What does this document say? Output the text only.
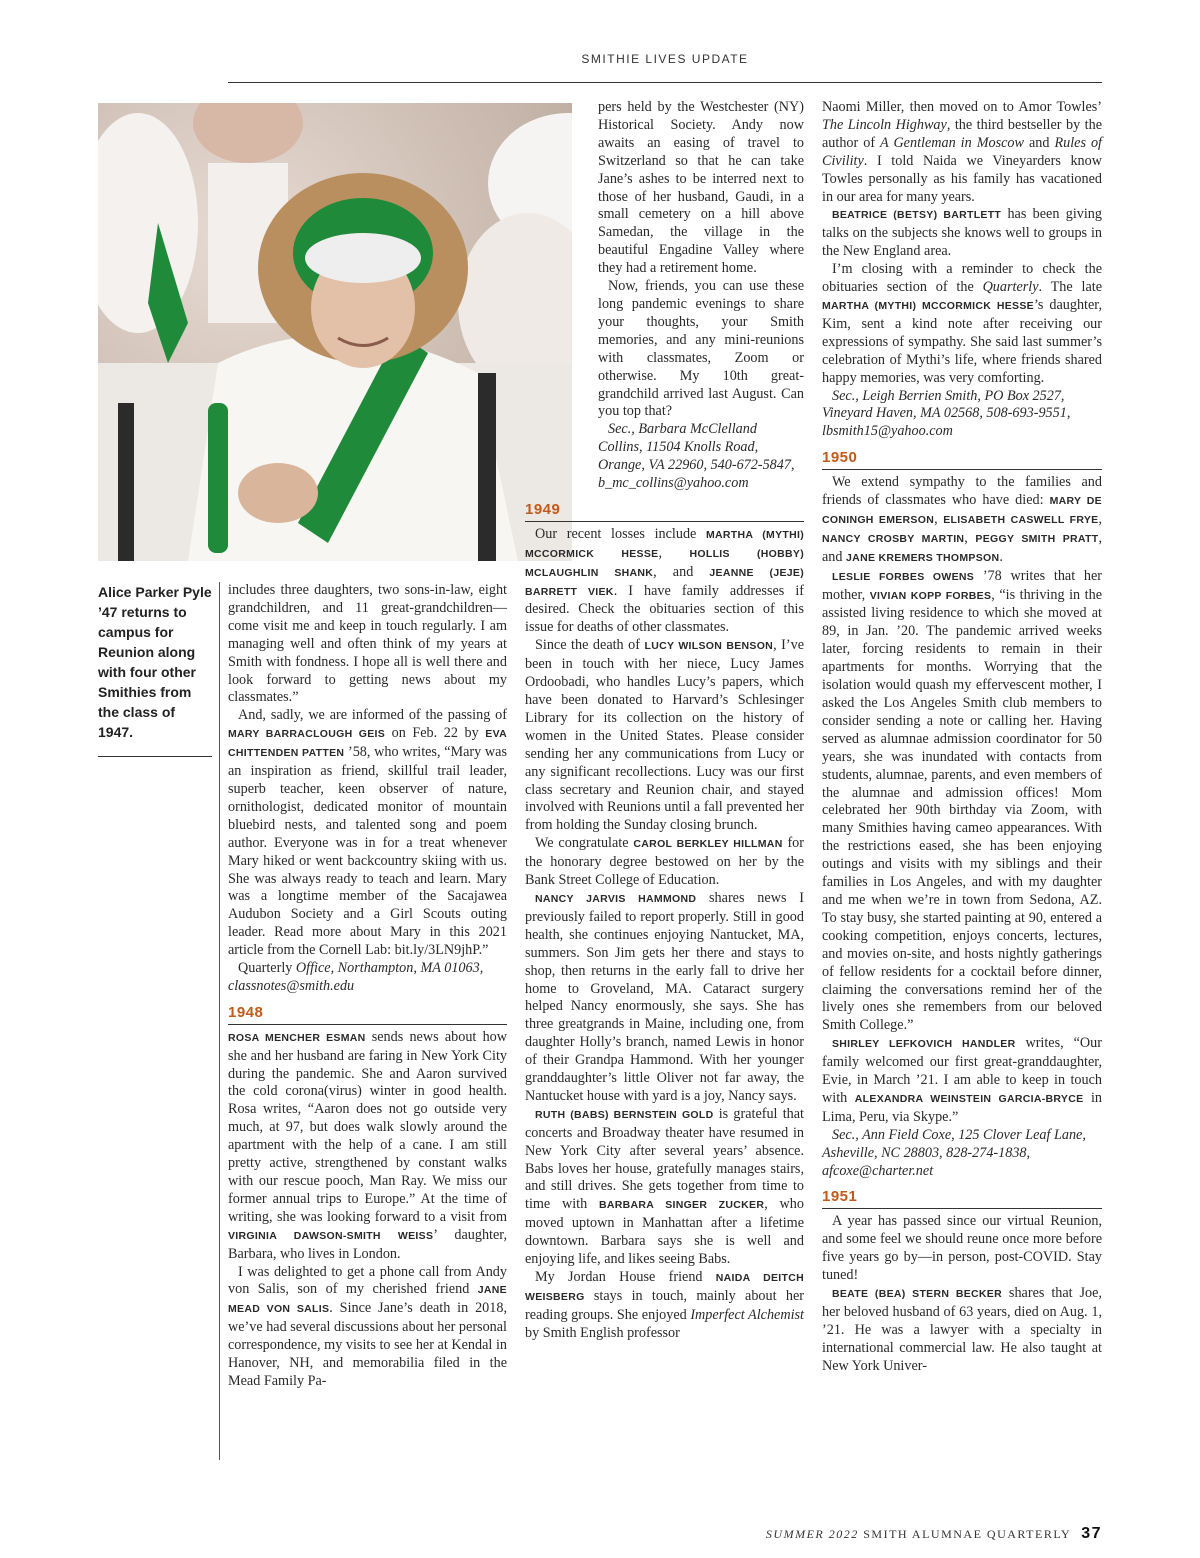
SMITHIE LIVES UPDATE
Alice Parker Pyle ’47 returns to campus for Reunion along with four other Smithies from the class of 1947.

includes three daughters, two sons-in-law, eight grandchildren, and 11 great-grandchildren—come visit me and keep in touch regularly. I am managing well and often think of my years at Smith with fondness. I hope all is well there and look forward to getting news about my classmates.”

And, sadly, we are informed of the passing of MARY BARRACLOUGH GEIS on Feb. 22 by EVA CHITTENDEN PATTEN ’58, who writes, “Mary was an inspiration as friend, skillful trail leader, superb teacher, keen observer of nature, ornithologist, dedicated monitor of mountain bluebird nests, and talented song and poem author. Everyone was in for a treat whenever Mary hiked or went backcountry skiing with us. She was always ready to teach and learn. Mary was a longtime member of the Sacajawea Audubon Society and a Girl Scouts outing leader. Read more about Mary in this 2021 article from the Cornell Lab: bit.ly/3LN9jhP.”

Quarterly Office, Northampton, MA 01063, classnotes@smith.edu

1948

ROSA MENCHER ESMAN sends news about how she and her husband are faring in New York City during the pandemic. She and Aaron survived the cold corona(virus) winter in good health. Rosa writes, “Aaron does not go outside very much, at 97, but does walk slowly around the apartment with the help of a cane. I am still pretty active, strengthened by constant walks with our rescue pooch, Man Ray. We miss our former annual trips to Europe.” At the time of writing, she was looking forward to a visit from VIRGINIA DAWSON-SMITH WEISS’ daughter, Barbara, who lives in London.

I was delighted to get a phone call from Andy von Salis, son of my cherished friend JANE MEAD VON SALIS. Since Jane’s death in 2018, we’ve had several discussions about her personal correspondence, my visits to see her at Kendal in Hanover, NH, and memorabilia filed in the Mead Family Pa-

pers held by the Westchester (NY) Historical Society. Andy now awaits an easing of travel to Switzerland so that he can take Jane’s ashes to be interred next to those of her husband, Gaudi, in a small cemetery on a hill above Samedan, the village in the beautiful Engadine Valley where they had a retirement home.

Now, friends, you can use these long pandemic evenings to share your thoughts, your Smith memories, and any mini-reunions with classmates, Zoom or otherwise. My 10th great-grandchild arrived last August. Can you top that?

Sec., Barbara McClelland Collins, 11504 Knolls Road, Orange, VA 22960, 540-672-5847, b_mc_collins@yahoo.com

1949

Our recent losses include MARTHA (MYTHI) MCCORMICK HESSE, HOLLIS (HOBBY) MCLAUGHLIN SHANK, and JEANNE (JEJE) BARRETT VIEK. I have family addresses if desired. Check the obituaries section of this issue for deaths of other classmates.

Since the death of LUCY WILSON BENSON, I’ve been in touch with her niece, Lucy James Ordoobadi, who handles Lucy’s papers, which have been donated to Harvard’s Schlesinger Library for its collection on the history of women in the United States. Please consider sending her any communications from Lucy or any significant recollections. Lucy was our first class secretary and Reunion chair, and stayed involved with Reunions until a fall prevented her from holding the Sunday closing brunch.

We congratulate CAROL BERKLEY HILLMAN for the honorary degree bestowed on her by the Bank Street College of Education.

NANCY JARVIS HAMMOND shares news I previously failed to report properly. Still in good health, she continues enjoying Nantucket, MA, summers. Son Jim gets her there and stays to shop, then returns in the early fall to drive her home to Groveland, MA. Cataract surgery helped Nancy enormously, she says. She has three greatgrands in Maine, including one, from daughter Holly’s branch, named Lewis in honor of their Grandpa Hammond. With her younger granddaughter’s little Oliver not far away, the Nantucket house with yard is a joy, Nancy says.

RUTH (BABS) BERNSTEIN GOLD is grateful that concerts and Broadway theater have resumed in New York City after several years’ absence. Babs loves her house, gratefully manages stairs, and still drives. She gets together from time to time with BARBARA SINGER ZUCKER, who moved uptown in Manhattan after a lifetime downtown. Barbara says she is well and enjoying life, and likes seeing Babs.

My Jordan House friend NAIDA DEITCH WEISBERG stays in touch, mainly about her reading groups. She enjoyed Imperfect Alchemist by Smith English professor

Naomi Miller, then moved on to Amor Towles’ The Lincoln Highway, the third bestseller by the author of A Gentleman in Moscow and Rules of Civility. I told Naida we Vineyarders know Towles personally as his family has vacationed in our area for many years.

BEATRICE (BETSY) BARTLETT has been giving talks on the subjects she knows well to groups in the New England area.

I’m closing with a reminder to check the obituaries section of the Quarterly. The late MARTHA (MYTHI) MCCORMICK HESSE’s daughter, Kim, sent a kind note after receiving our expressions of sympathy. She said last summer’s celebration of Mythi’s life, where friends shared happy memories, was very comforting.

Sec., Leigh Berrien Smith, PO Box 2527, Vineyard Haven, MA 02568, 508-693-9551, lbsmith15@yahoo.com

1950

We extend sympathy to the families and friends of classmates who have died: MARY DE CONINGH EMERSON, ELISABETH CASWELL FRYE, NANCY CROSBY MARTIN, PEGGY SMITH PRATT, and JANE KREMERS THOMPSON.

LESLIE FORBES OWENS ’78 writes that her mother, VIVIAN KOPP FORBES, “is thriving in the assisted living residence to which she moved at 89, in Jan. ’20. The pandemic arrived weeks later, forcing residents to remain in their apartments for months. Worrying that the isolation would quash my effervescent mother, I asked the Los Angeles Smith club members to consider sending a note or calling her. Having served as alumnae admission coordinator for 50 years, she was inundated with contacts from students, alumnae, parents, and even members of the alumnae and admission offices! Mom celebrated her 90th birthday via Zoom, with many Smithies having cameo appearances. With the restrictions eased, she has been enjoying outings and visits with my siblings and their families in Los Angeles, and with my daughter and me when we’re in town from Sedona, AZ. To stay busy, she started painting at 90, entered a cooking competition, enjoys concerts, lectures, and movies on-site, and hosts nightly gatherings of fellow residents for a cocktail before dinner, claiming the conversations remind her of the lively ones she remembers from our beloved Smith College.”

SHIRLEY LEFKOVICH HANDLER writes, “Our family welcomed our first great-granddaughter, Evie, in March ’21. I am able to keep in touch with ALEXANDRA WEINSTEIN GARCIA-BRYCE in Lima, Peru, via Skype.”

Sec., Ann Field Coxe, 125 Clover Leaf Lane, Asheville, NC 28803, 828-274-1838, afcoxe@charter.net

1951

A year has passed since our virtual Reunion, and some feel we should reune once more before five years go by—in person, post-COVID. Stay tuned!

BEATE (BEA) STERN BECKER shares that Joe, her beloved husband of 63 years, died on Aug. 1, ’21. He was a lawyer with a specialty in international commercial law. He also taught at New York Univer-

SUMMER 2022 SMITH ALUMNAE QUARTERLY 37
